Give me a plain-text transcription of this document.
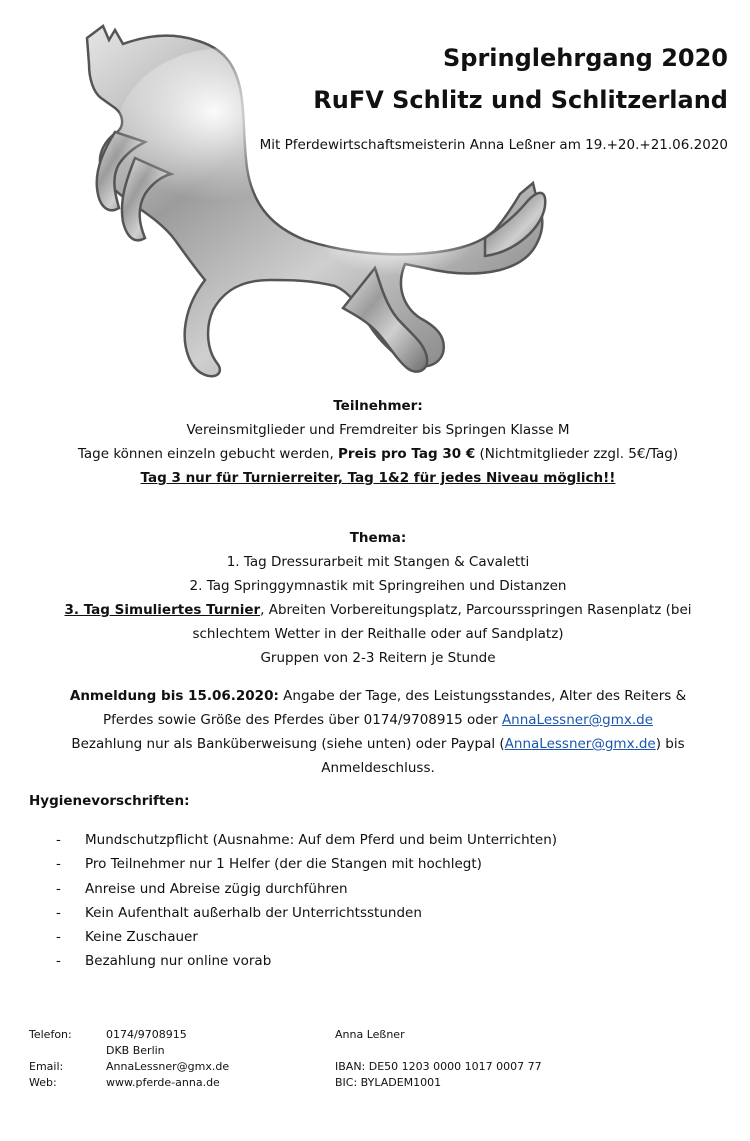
Springlehrgang 2020
RuFV Schlitz und Schlitzerland
Mit Pferdewirtschaftsmeisterin Anna Leßner am 19.+20.+21.06.2020
Teilnehmer:
Vereinsmitglieder und Fremdreiter bis Springen Klasse M
Tage können einzeln gebucht werden, Preis pro Tag 30 € (Nichtmitglieder zzgl. 5€/Tag)
Tag 3 nur für Turnierreiter, Tag 1&2 für jedes Niveau möglich!!
Thema:
1. Tag Dressurarbeit mit Stangen & Cavaletti
2. Tag Springgymnastik mit Springreihen und Distanzen
3. Tag Simuliertes Turnier, Abreiten Vorbereitungsplatz, Parcoursspringen Rasenplatz (bei
schlechtem Wetter in der Reithalle oder auf Sandplatz)
Gruppen von 2-3 Reitern je Stunde
Anmeldung bis 15.06.2020: Angabe der Tage, des Leistungsstandes, Alter des Reiters &
Pferdes sowie Größe des Pferdes über 0174/9708915 oder AnnaLessner@gmx.de
Bezahlung nur als Banküberweisung (siehe unten) oder Paypal (AnnaLessner@gmx.de) bis
Anmeldeschluss.
Hygienevorschriften:
- Mundschutzpflicht (Ausnahme: Auf dem Pferd und beim Unterrichten)
- Pro Teilnehmer nur 1 Helfer (der die Stangen mit hochlegt)
- Anreise und Abreise zügig durchführen
- Kein Aufenthalt außerhalb der Unterrichtsstunden
- Keine Zuschauer
- Bezahlung nur online vorab
Telefon:

Email:
Web:
0174/9708915
DKB Berlin
AnnaLessner@gmx.de
www.pferde-anna.de
Anna Leßner

IBAN: DE50 1203 0000 1017 0007 77
BIC: BYLADEM1001
